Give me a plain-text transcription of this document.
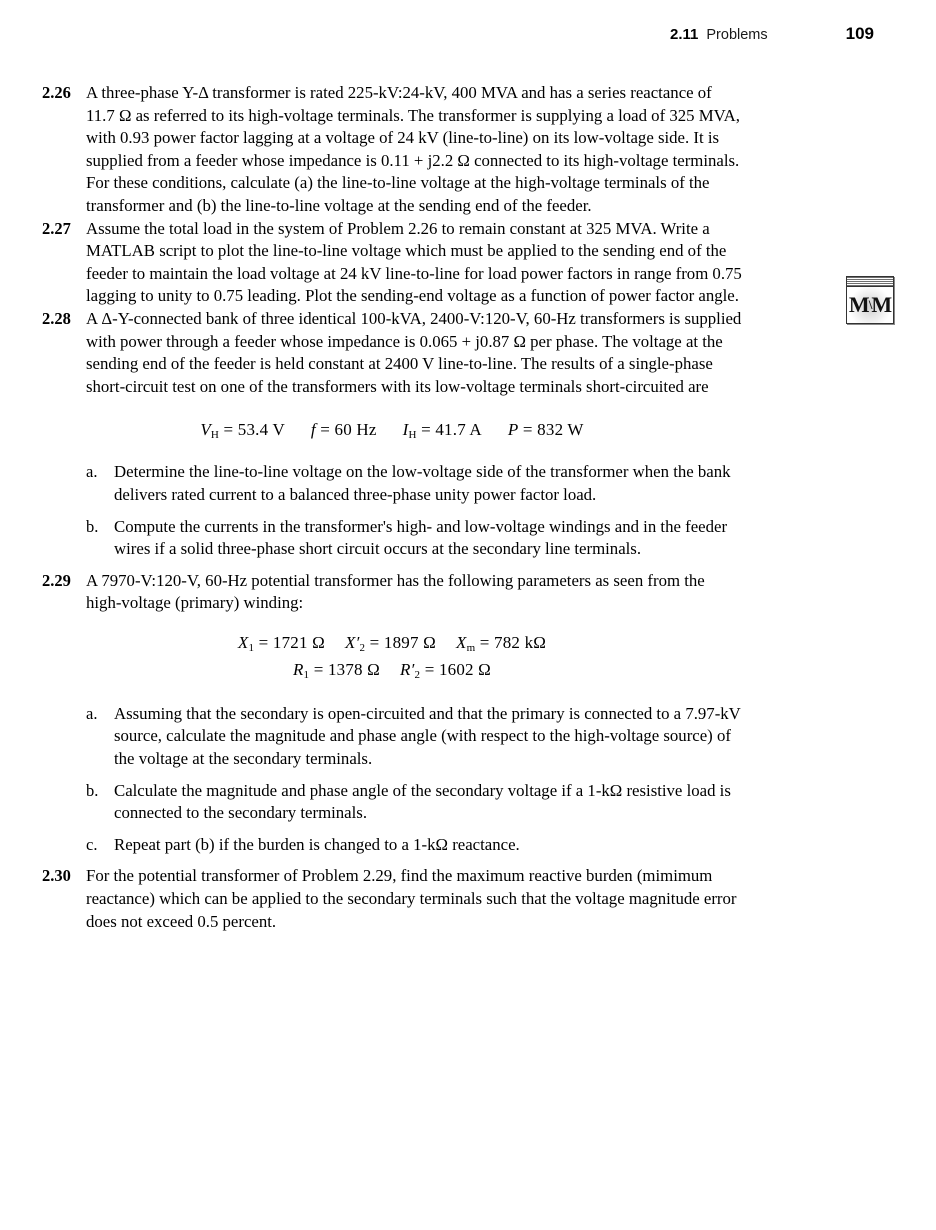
2.11 Problems	109
M \ M
2.26 A three-phase Y-Δ transformer is rated 225-kV:24-kV, 400 MVA and has a series reactance of 11.7 Ω as referred to its high-voltage terminals. The transformer is supplying a load of 325 MVA, with 0.93 power factor lagging at a voltage of 24 kV (line-to-line) on its low-voltage side. It is supplied from a feeder whose impedance is 0.11 + j2.2 Ω connected to its high-voltage terminals. For these conditions, calculate (a) the line-to-line voltage at the high-voltage terminals of the transformer and (b) the line-to-line voltage at the sending end of the feeder.
2.27 Assume the total load in the system of Problem 2.26 to remain constant at 325 MVA. Write a MATLAB script to plot the line-to-line voltage which must be applied to the sending end of the feeder to maintain the load voltage at 24 kV line-to-line for load power factors in range from 0.75 lagging to unity to 0.75 leading. Plot the sending-end voltage as a function of power factor angle.
2.28 A Δ-Y-connected bank of three identical 100-kVA, 2400-V:120-V, 60-Hz transformers is supplied with power through a feeder whose impedance is 0.065 + j0.87 Ω per phase. The voltage at the sending end of the feeder is held constant at 2400 V line-to-line. The results of a single-phase short-circuit test on one of the transformers with its low-voltage terminals short-circuited are
$V_H = 53.4$ V f = 60 Hz $I_H = 41.7$ A P = 832 W
a. Determine the line-to-line voltage on the low-voltage side of the transformer when the bank delivers rated current to a balanced three-phase unity power factor load.
b. Compute the currents in the transformer's high- and low-voltage windings and in the feeder wires if a solid three-phase short circuit occurs at the secondary line terminals.
2.29 A 7970-V:120-V, 60-Hz potential transformer has the following parameters as seen from the high-voltage (primary) winding:
$X_1 = 1721$ Ω $X'_2 = 1897$ Ω $X_m = 782$ kΩ
$R_1 = 1378$ Ω $R'_2 = 1602$ Ω
a. Assuming that the secondary is open-circuited and that the primary is connected to a 7.97-kV source, calculate the magnitude and phase angle (with respect to the high-voltage source) of the voltage at the secondary terminals.
b. Calculate the magnitude and phase angle of the secondary voltage if a 1-kΩ resistive load is connected to the secondary terminals.
c. Repeat part (b) if the burden is changed to a 1-kΩ reactance.
2.30 For the potential transformer of Problem 2.29, find the maximum reactive burden (mimimum reactance) which can be applied to the secondary terminals such that the voltage magnitude error does not exceed 0.5 percent.
